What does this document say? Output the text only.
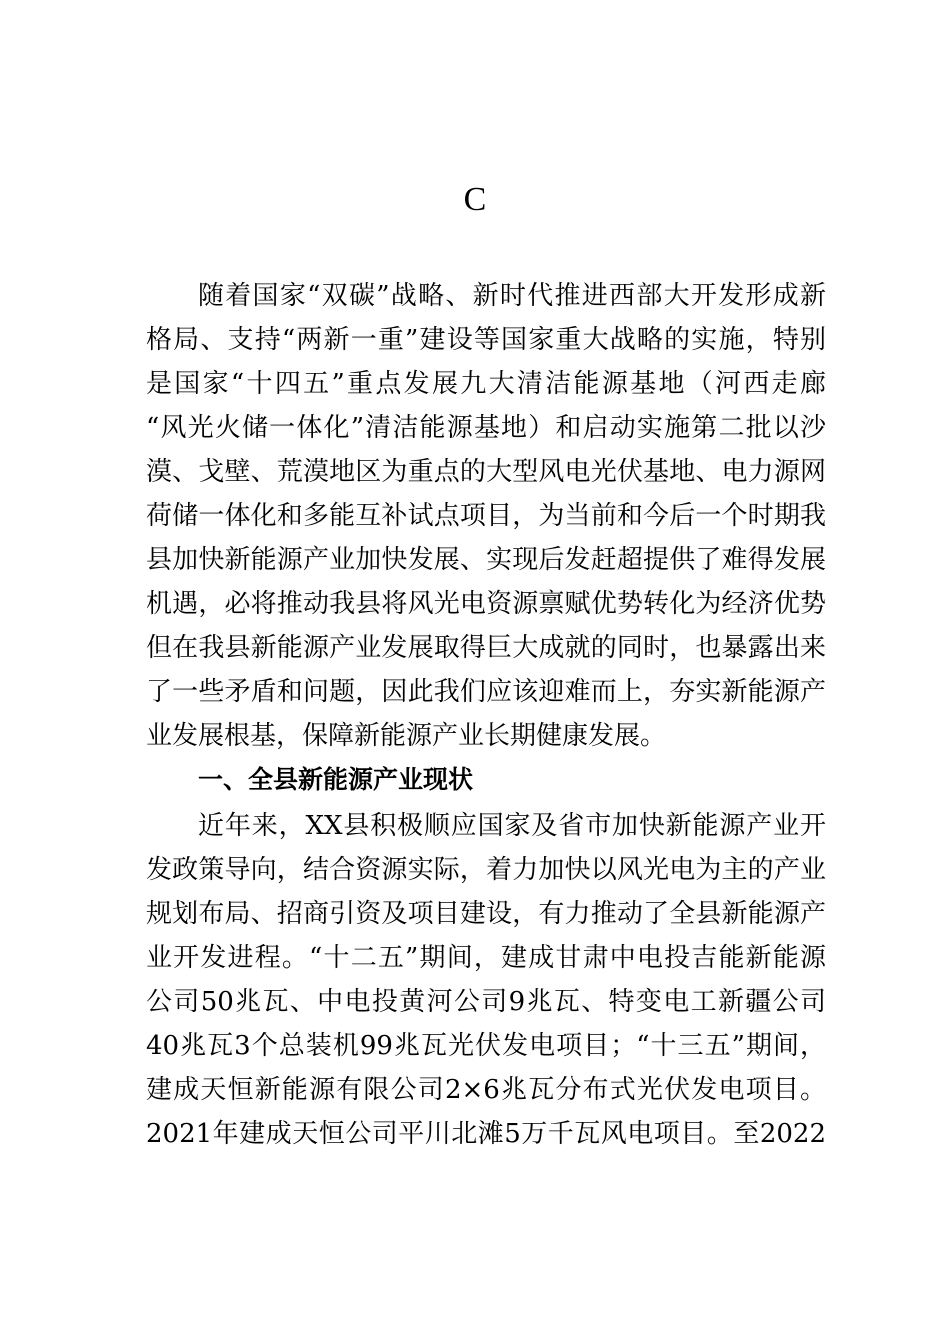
C
随着国家“双碳”战略、新时代推进西部大开发形成新
格局、支持“两新一重”建设等国家重大战略的实施，特别
是国家“十四五”重点发展九大清洁能源基地（河西走廊
“风光火储一体化”清洁能源基地）和启动实施第二批以沙
漠、戈壁、荒漠地区为重点的大型风电光伏基地、电力源网
荷储一体化和多能互补试点项目，为当前和今后一个时期我
县加快新能源产业加快发展、实现后发赶超提供了难得发展
机遇，必将推动我县将风光电资源禀赋优势转化为经济优势
但在我县新能源产业发展取得巨大成就的同时，也暴露出来
了一些矛盾和问题，因此我们应该迎难而上，夯实新能源产
业发展根基，保障新能源产业长期健康发展。
一、全县新能源产业现状
近年来，XX县积极顺应国家及省市加快新能源产业开
发政策导向，结合资源实际，着力加快以风光电为主的产业
规划布局、招商引资及项目建设，有力推动了全县新能源产
业开发进程。“十二五”期间，建成甘肃中电投吉能新能源
公司50兆瓦、中电投黄河公司9兆瓦、特变电工新疆公司
40兆瓦3个总装机99兆瓦光伏发电项目；“十三五”期间，
建成天恒新能源有限公司2×6兆瓦分布式光伏发电项目。
2021年建成天恒公司平川北滩5万千瓦风电项目。至2022
